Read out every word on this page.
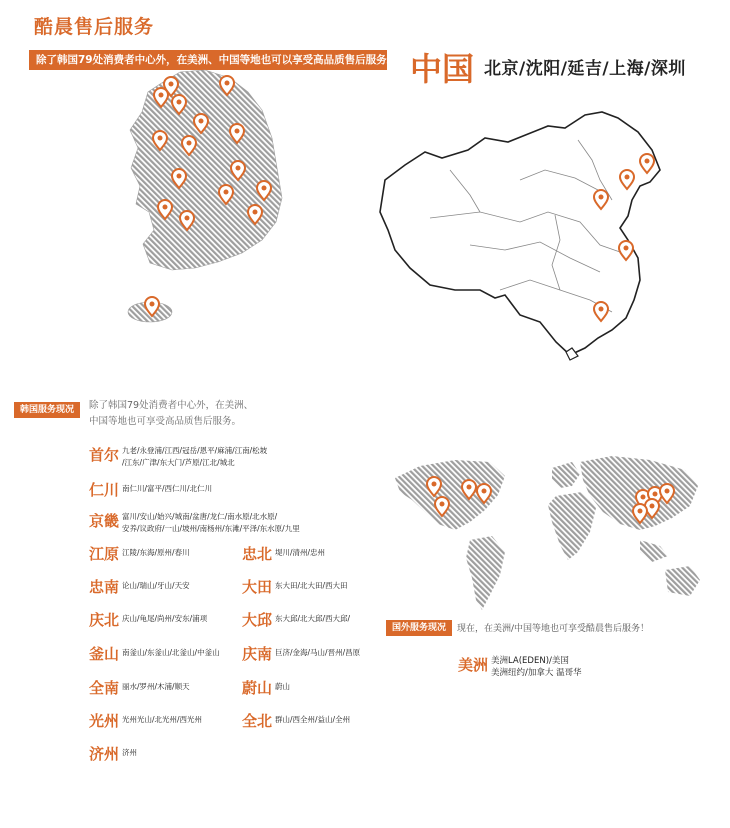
酷晨售后服务
除了韩国79处消费者中心外，在美洲、中国等地也可以享受高品质售后服务。 中国 北京/沈阳/延吉/上海/深圳
韩国服务现况	除了韩国79处消费者中心外，在美洲、
中国等地也可享受高品质售后服务。
首尔 九老/永登浦/江西/冠岳/恩平/麻浦/江南/松坡
/江东/广津/东大门/芦原/江北/城北
仁川 南仁川/富平/西仁川/北仁川
京畿 富川/安山/始兴/城南/盆唐/龙仁/南水原/北水原/
安养/议政府/一山/坡州/南杨州/东滩/平泽/东水原/九里
江原 江陵/东海/原州/春川	忠北 堤川/清州/忠州
忠南 论山/瑞山/牙山/天安	大田 东大田/北大田/西大田
庆北 庆山/龟尾/尚州/安东/浦项 大邱 东大邱/北大邱/西大邱/
釜山 南釜山/东釜山/北釜山/中釜山 庆南 巨济/金海/马山/晋州/昌原
全南 丽水/罗州/木浦/顺天	蔚山 蔚山
光州 光州光山/北光州/西光州	全北 群山/西全州/益山/全州
济州 济州
国外服务现况	现在，在美洲/中国等地也可享受酷晨售后服务！
美洲 美洲LA(EDEN)/美国
美洲纽约/加拿大 温哥华
